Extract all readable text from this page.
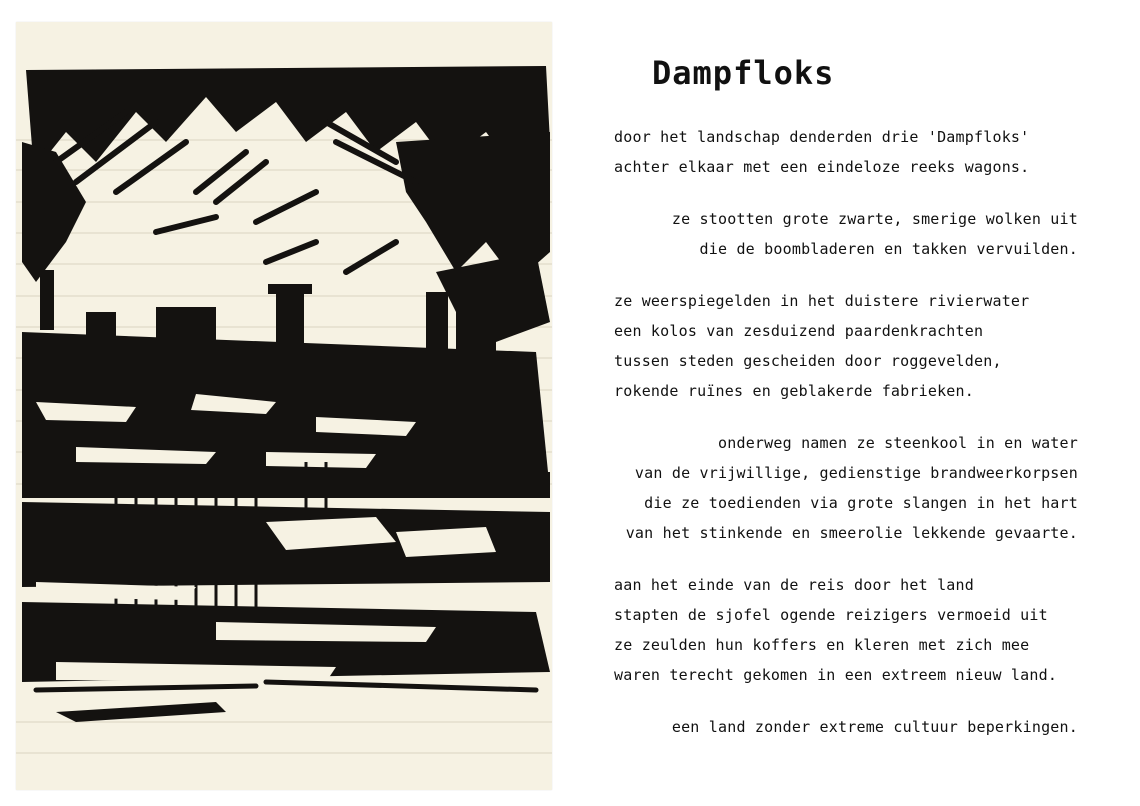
Dampfloks
door het landschap denderden drie 'Dampfloks'
achter elkaar met een eindeloze reeks wagons.
ze stootten grote zwarte, smerige wolken uit
die de boombladeren en takken vervuilden.
ze weerspiegelden in het duistere rivierwater
een kolos van zesduizend paardenkrachten
tussen steden gescheiden door roggevelden,
rokende ruïnes en geblakerde fabrieken.
onderweg namen ze steenkool in en water
van de vrijwillige, gedienstige brandweerkorpsen
die ze toedienden via grote slangen in het hart
van het stinkende en smeerolie lekkende gevaarte.
aan het einde van de reis door het land
stapten de sjofel ogende reizigers vermoeid uit
ze zeulden hun koffers en kleren met zich mee
waren terecht gekomen in een extreem nieuw land.
een land zonder extreme cultuur beperkingen.
